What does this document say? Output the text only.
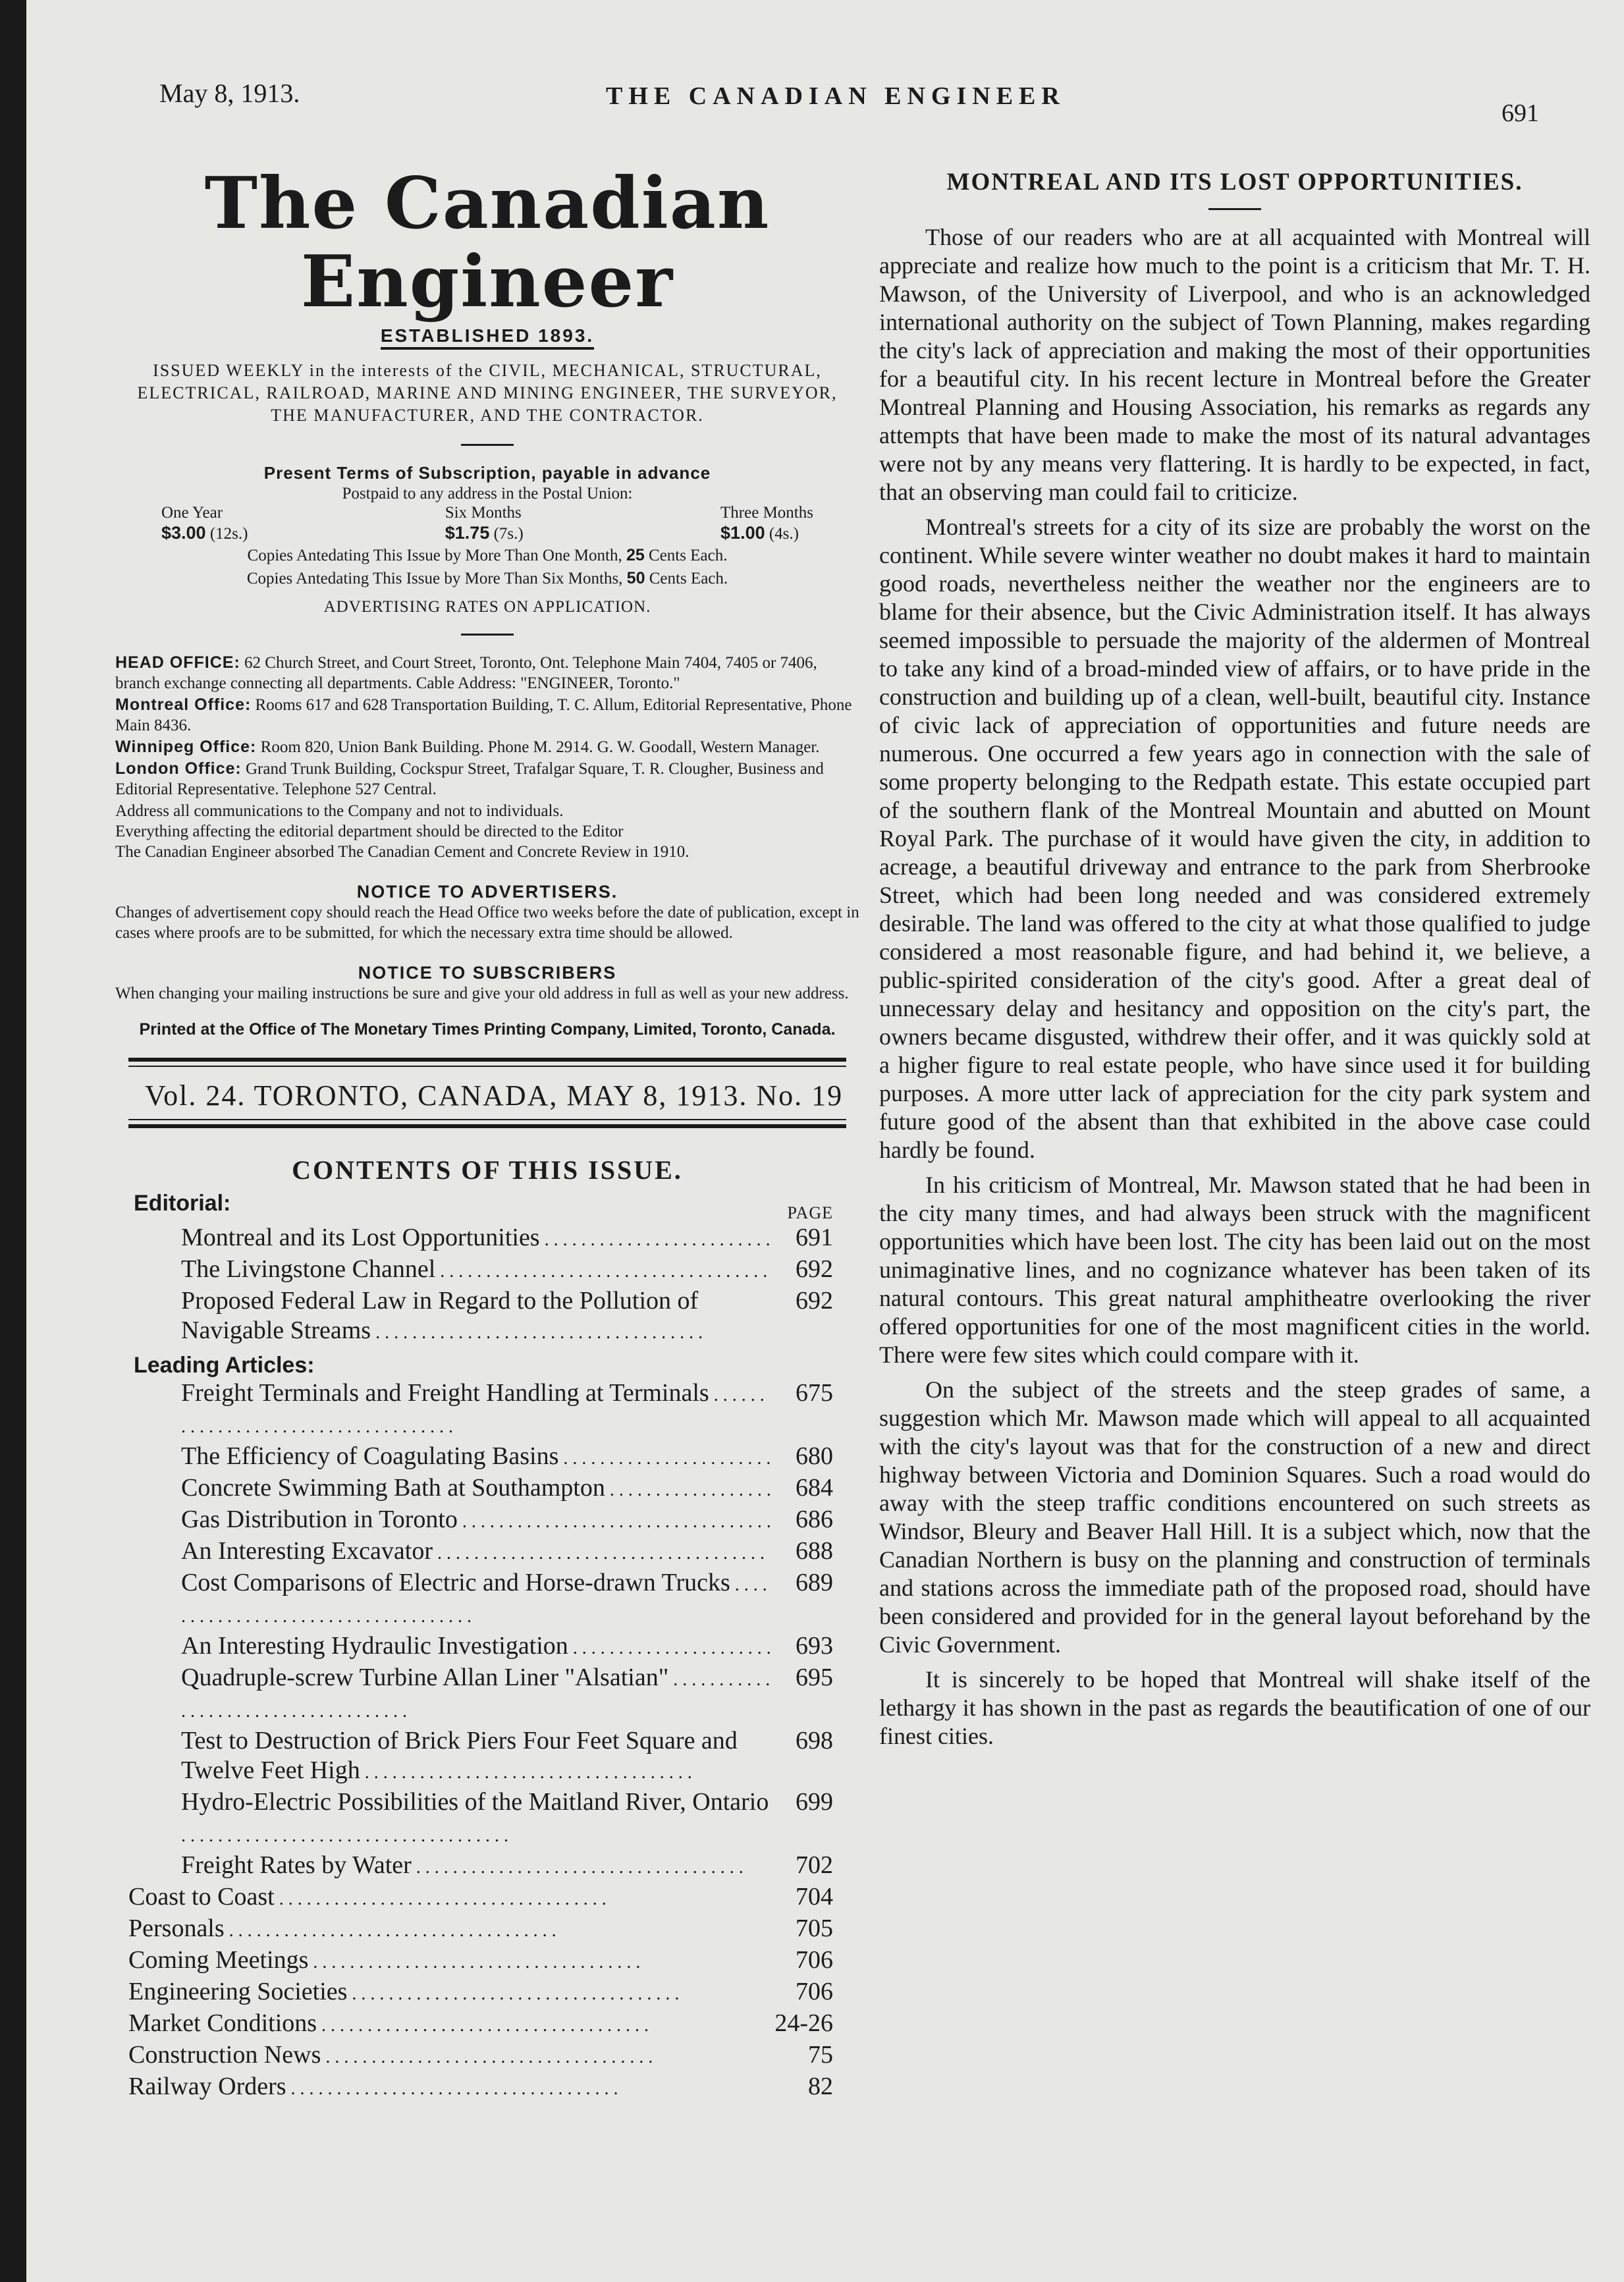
May 8, 1913.	THE CANADIAN ENGINEER
691
The Canadian Engineer
ESTABLISHED 1893.
ISSUED WEEKLY in the interests of the CIVIL, MECHANICAL, STRUCTURAL, ELECTRICAL, RAILROAD, MARINE AND MINING ENGINEER, THE SURVEYOR, THE MANUFACTURER, AND THE CONTRACTOR.
Present Terms of Subscription, payable in advance
Postpaid to any address in the Postal Union:
One Year
$3.00 (12s.)
Six Months
$1.75 (7s.)
Three Months
$1.00 (4s.)
Copies Antedating This Issue by More Than One Month, 25 Cents Each.
Copies Antedating This Issue by More Than Six Months, 50 Cents Each.
ADVERTISING RATES ON APPLICATION.
HEAD OFFICE: 62 Church Street, and Court Street, Toronto, Ont. Telephone Main 7404, 7405 or 7406, branch exchange connecting all departments. Cable Address: "ENGINEER, Toronto."
Montreal Office: Rooms 617 and 628 Transportation Building, T. C. Allum, Editorial Representative, Phone Main 8436.
Winnipeg Office: Room 820, Union Bank Building. Phone M. 2914. G. W. Goodall, Western Manager.
London Office: Grand Trunk Building, Cockspur Street, Trafalgar Square, T. R. Clougher, Business and Editorial Representative. Telephone 527 Central.
Address all communications to the Company and not to individuals.
Everything affecting the editorial department should be directed to the Editor
The Canadian Engineer absorbed The Canadian Cement and Concrete Review in 1910.
NOTICE TO ADVERTISERS.
Changes of advertisement copy should reach the Head Office two weeks before the date of publication, except in cases where proofs are to be submitted, for which the necessary extra time should be allowed.
NOTICE TO SUBSCRIBERS
When changing your mailing instructions be sure and give your old address in full as well as your new address.
Printed at the Office of The Monetary Times Printing Company, Limited, Toronto, Canada.
Vol. 24. TORONTO, CANADA, MAY 8, 1913. No. 19
CONTENTS OF THIS ISSUE.
Editorial:	PAGE
Montreal and its Lost Opportunities . . .	691
The Livingstone Channel . . .	692
Proposed Federal Law in Regard to the Pollution of Navigable Streams . . .
692
Leading Articles:
Freight Terminals and Freight Handling at Terminals . . .	675
The Efficiency of Coagulating Basins . . .	680
Concrete Swimming Bath at Southampton . . .	684
Gas Distribution in Toronto . . .	686
An Interesting Excavator . . .	688
Cost Comparisons of Electric and Horse-drawn Trucks . . .	689
An Interesting Hydraulic Investigation . . .	693
Quadruple-screw Turbine Allan Liner "Alsatian" . . .	695
Test to Destruction of Brick Piers Four Feet Square and Twelve Feet High . . .
698
Hydro-Electric Possibilities of the Maitland River, Ontario . . .	699
Freight Rates by Water . . .	702
Coast to Coast . . .	704
Personals . . .	705
Coming Meetings . . .	706
Engineering Societies . . .	706
Market Conditions . . .	24-26
Construction News . . .	75
Railway Orders . . .	82
MONTREAL AND ITS LOST OPPORTUNITIES.

Those of our readers who are at all acquainted with Montreal will appreciate and realize how much to the point is a criticism that Mr. T. H. Mawson, of the University of Liverpool, and who is an acknowledged international authority on the subject of Town Planning, makes regarding the city's lack of appreciation and making the most of their opportunities for a beautiful city. In his recent lecture in Montreal before the Greater Montreal Planning and Housing Association, his remarks as regards any attempts that have been made to make the most of its natural advantages were not by any means very flattering. It is hardly to be expected, in fact, that an observing man could fail to criticize.

Montreal's streets for a city of its size are probably the worst on the continent. While severe winter weather no doubt makes it hard to maintain good roads, nevertheless neither the weather nor the engineers are to blame for their absence, but the Civic Administration itself. It has always seemed impossible to persuade the majority of the aldermen of Montreal to take any kind of a broad-minded view of affairs, or to have pride in the construction and building up of a clean, well-built, beautiful city. Instance of civic lack of appreciation of opportunities and future needs are numerous. One occurred a few years ago in connection with the sale of some property belonging to the Redpath estate. This estate occupied part of the southern flank of the Montreal Mountain and abutted on Mount Royal Park. The purchase of it would have given the city, in addition to acreage, a beautiful driveway and entrance to the park from Sherbrooke Street, which had been long needed and was considered extremely desirable. The land was offered to the city at what those qualified to judge considered a most reasonable figure, and had behind it, we believe, a public-spirited consideration of the city's good. After a great deal of unnecessary delay and hesitancy and opposition on the city's part, the owners became disgusted, withdrew their offer, and it was quickly sold at a higher figure to real estate people, who have since used it for building purposes. A more utter lack of appreciation for the city park system and future good of the absent than that exhibited in the above case could hardly be found.

In his criticism of Montreal, Mr. Mawson stated that he had been in the city many times, and had always been struck with the magnificent opportunities which have been lost. The city has been laid out on the most unimaginative lines, and no cognizance whatever has been taken of its natural contours. This great natural amphitheatre overlooking the river offered opportunities for one of the most magnificent cities in the world. There were few sites which could compare with it.

On the subject of the streets and the steep grades of same, a suggestion which Mr. Mawson made which will appeal to all acquainted with the city's layout was that for the construction of a new and direct highway between Victoria and Dominion Squares. Such a road would do away with the steep traffic conditions encountered on such streets as Windsor, Bleury and Beaver Hall Hill. It is a subject which, now that the Canadian Northern is busy on the planning and construction of terminals and stations across the immediate path of the proposed road, should have been considered and provided for in the general layout beforehand by the Civic Government.

It is sincerely to be hoped that Montreal will shake itself of the lethargy it has shown in the past as regards the beautification of one of our finest cities.
